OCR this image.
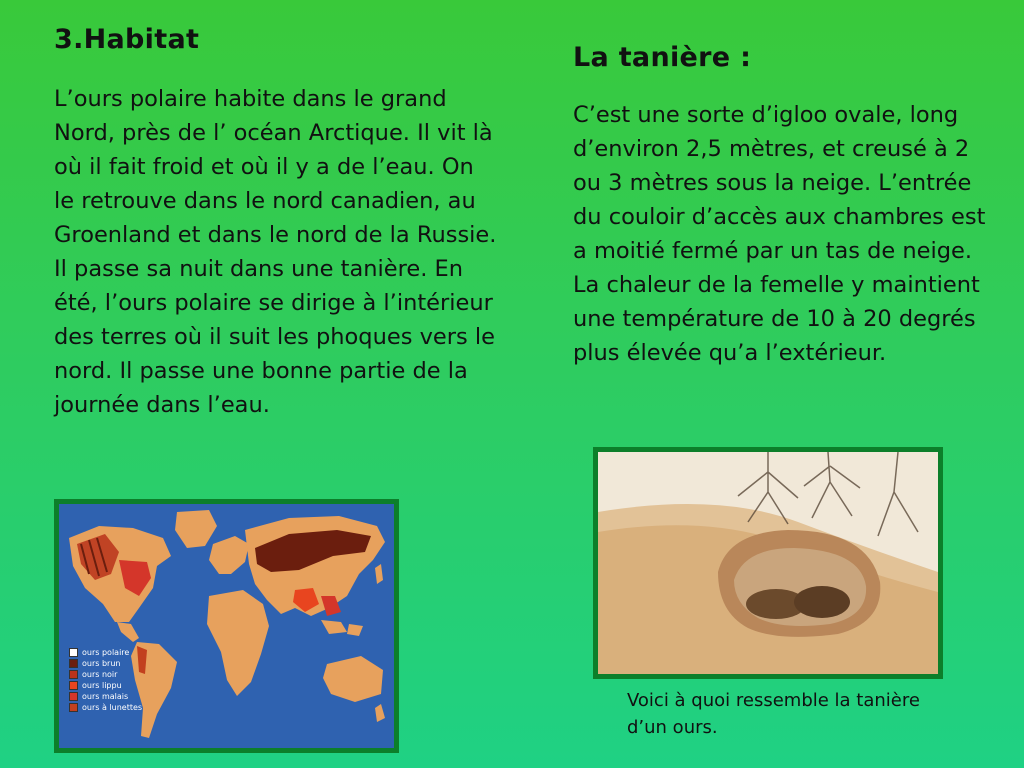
3.Habitat

L’ours polaire habite dans le grand Nord, près de l’ océan Arctique. Il vit là où il fait froid et où il y a de l’eau. On le retrouve dans le nord canadien, au Groenland et dans le nord de la Russie. Il passe sa nuit dans une tanière. En été, l’ours polaire se dirige à l’intérieur des terres où il suit les phoques vers le nord. Il passe une bonne partie de la journée dans l’eau.

La tanière :

C’est une sorte d’igloo ovale, long d’environ 2,5 mètres, et creusé à 2 ou 3 mètres sous la neige. L’entrée du couloir d’accès aux chambres est a moitié fermé par un tas de neige. La chaleur de la femelle y maintient une température de 10 à 20 degrés plus élevée qu’a l’extérieur.

ours polaire
ours brun
ours noir
ours lippu
ours malais
ours à lunettes	Voici à quoi ressemble la tanière d’un ours.
